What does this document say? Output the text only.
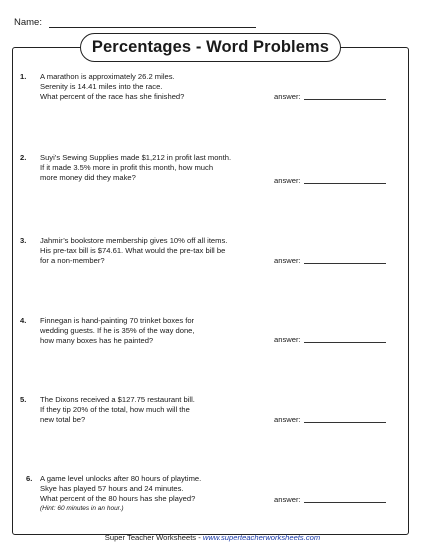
Name:
Percentages - Word Problems
1. A marathon is approximately 26.2 miles.
Serenity is 14.41 miles into the race.
What percent of the race has she finished?	answer:
2. Suyi’s Sewing Supplies made $1,212 in profit last month.
If it made 3.5% more in profit this month, how much
more money did they make?	answer:
3. Jahmir’s bookstore membership gives 10% off all items.
His pre-tax bill is $74.61. What would the pre-tax bill be
for a non-member?	answer:
4. Finnegan is hand-painting 70 trinket boxes for
wedding guests. If he is 35% of the way done,
how many boxes has he painted?	answer:
5. The Dixons received a $127.75 restaurant bill.
If they tip 20% of the total, how much will the
new total be?	answer:
6. A game level unlocks after 80 hours of playtime.
Skye has played 57 hours and 24 minutes.
What percent of the 80 hours has she played?
(Hint: 60 minutes in an hour.)
answer:
Super Teacher Worksheets - www.superteacherworksheets.com
